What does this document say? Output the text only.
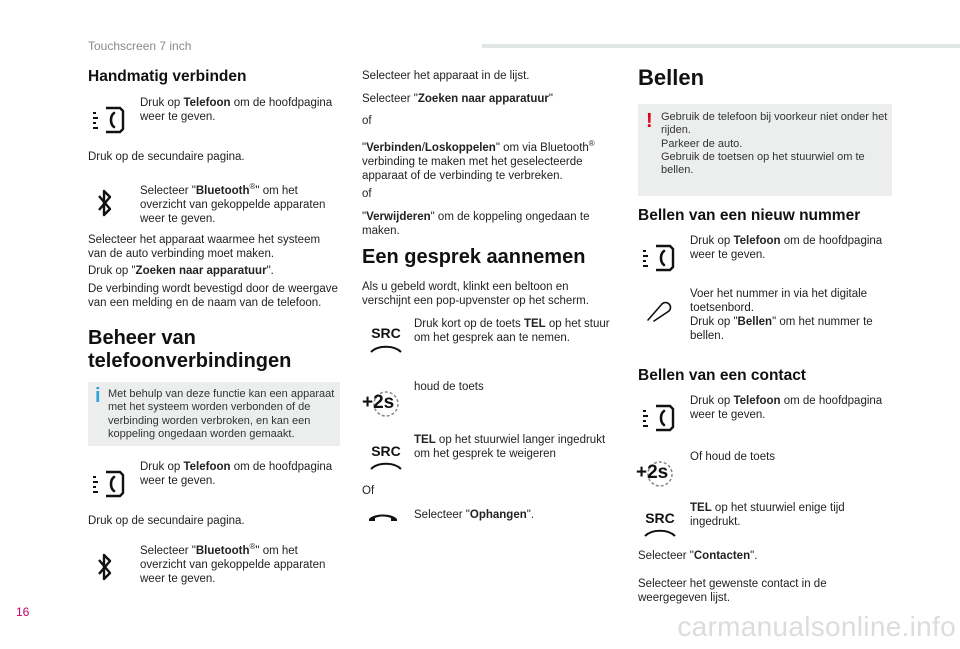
Touchscreen 7 inch
Handmatig verbinden

Druk op Telefoon om de hoofdpagina weer te geven.

Druk op de secundaire pagina.

Selecteer "Bluetooth®" om het overzicht van gekoppelde apparaten weer te geven.

Selecteer het apparaat waarmee het systeem van de auto verbinding moet maken.

Druk op "Zoeken naar apparatuur".

De verbinding wordt bevestigd door de weergave van een melding en de naam van de telefoon.
Beheer van telefoonverbindingen
i Met behulp van deze functie kan een apparaat met het systeem worden verbonden of de verbinding worden verbroken, en kan een koppeling ongedaan worden gemaakt.

Druk op Telefoon om de hoofdpagina weer te geven.

Druk op de secundaire pagina.

Selecteer "Bluetooth®" om het overzicht van gekoppelde apparaten weer te geven.

Selecteer het apparaat in de lijst.

Selecteer "Zoeken naar apparatuur"

of

"Verbinden/Loskoppelen" om via Bluetooth® verbinding te maken met het geselecteerde apparaat of de verbinding te verbreken.

of

"Verwijderen" om de koppeling ongedaan te maken.

Een gesprek aannemen
Als u gebeld wordt, klinkt een beltoon en verschijnt een pop-upvenster op het scherm.
SRC

Druk kort op de toets TEL op het stuur om het gesprek aan te nemen.

+2s
houd de toets
SRC

TEL op het stuurwiel langer ingedrukt om het gesprek te weigeren

Of

Selecteer "Ophangen".

Bellen
! Gebruik de telefoon bij voorkeur niet onder het rijden.
Parkeer de auto.
Gebruik de toetsen op het stuurwiel om te bellen.
Bellen van een nieuw nummer

Druk op Telefoon om de hoofdpagina weer te geven.

Voer het nummer in via het digitale toetsenbord.

Druk op "Bellen" om het nummer te bellen.

Bellen van een contact

Druk op Telefoon om de hoofdpagina weer te geven.

+2s
Of houd de toets
SRC

TEL op het stuurwiel enige tijd ingedrukt.

Selecteer "Contacten".

Selecteer het gewenste contact in de weergegeven lijst.
16	carmanualsonline.info
